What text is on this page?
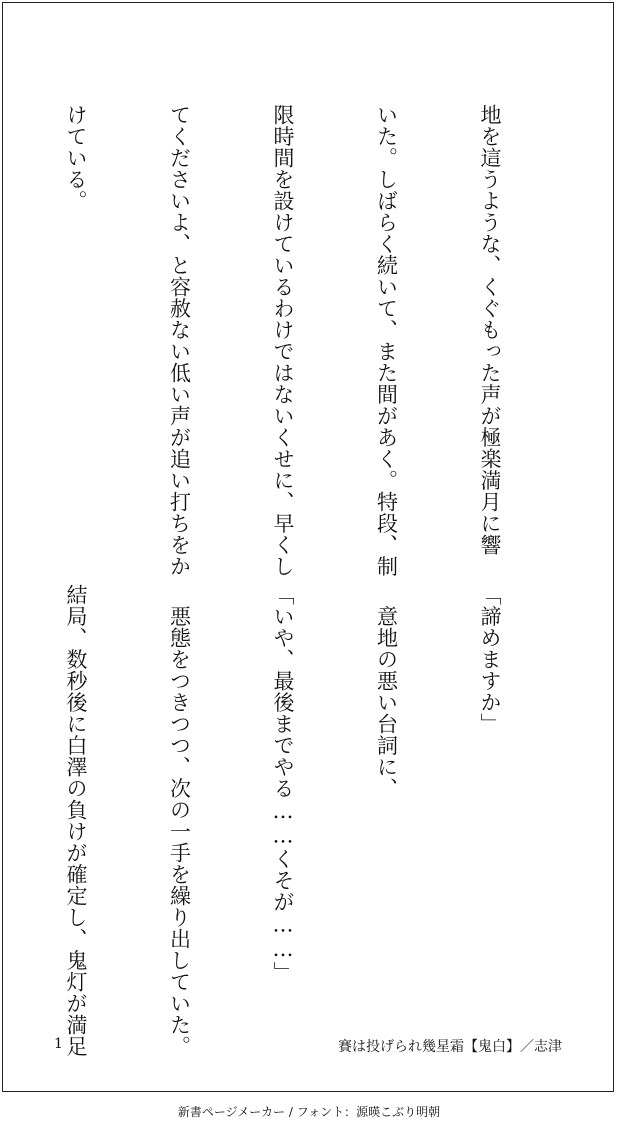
地を這うような、くぐもった声が極楽満月に響

いた。しばらく続いて、また間があく。特段、制

限時間を設けているわけではないくせに、早くし

てくださいよ、と容赦ない低い声が追い打ちをか

けている。

「諦めますか」

　意地の悪い台詞に、

「いや、最後までやる……くそが……」

　悪態をつきつつ、次の一手を繰り出していた。

結局、数秒後に白澤の負けが確定し、鬼灯が満足

1	賽は投げられ幾星霜【鬼白】／志津
新書ページメーカー / フォント：源暎こぶり明朝
